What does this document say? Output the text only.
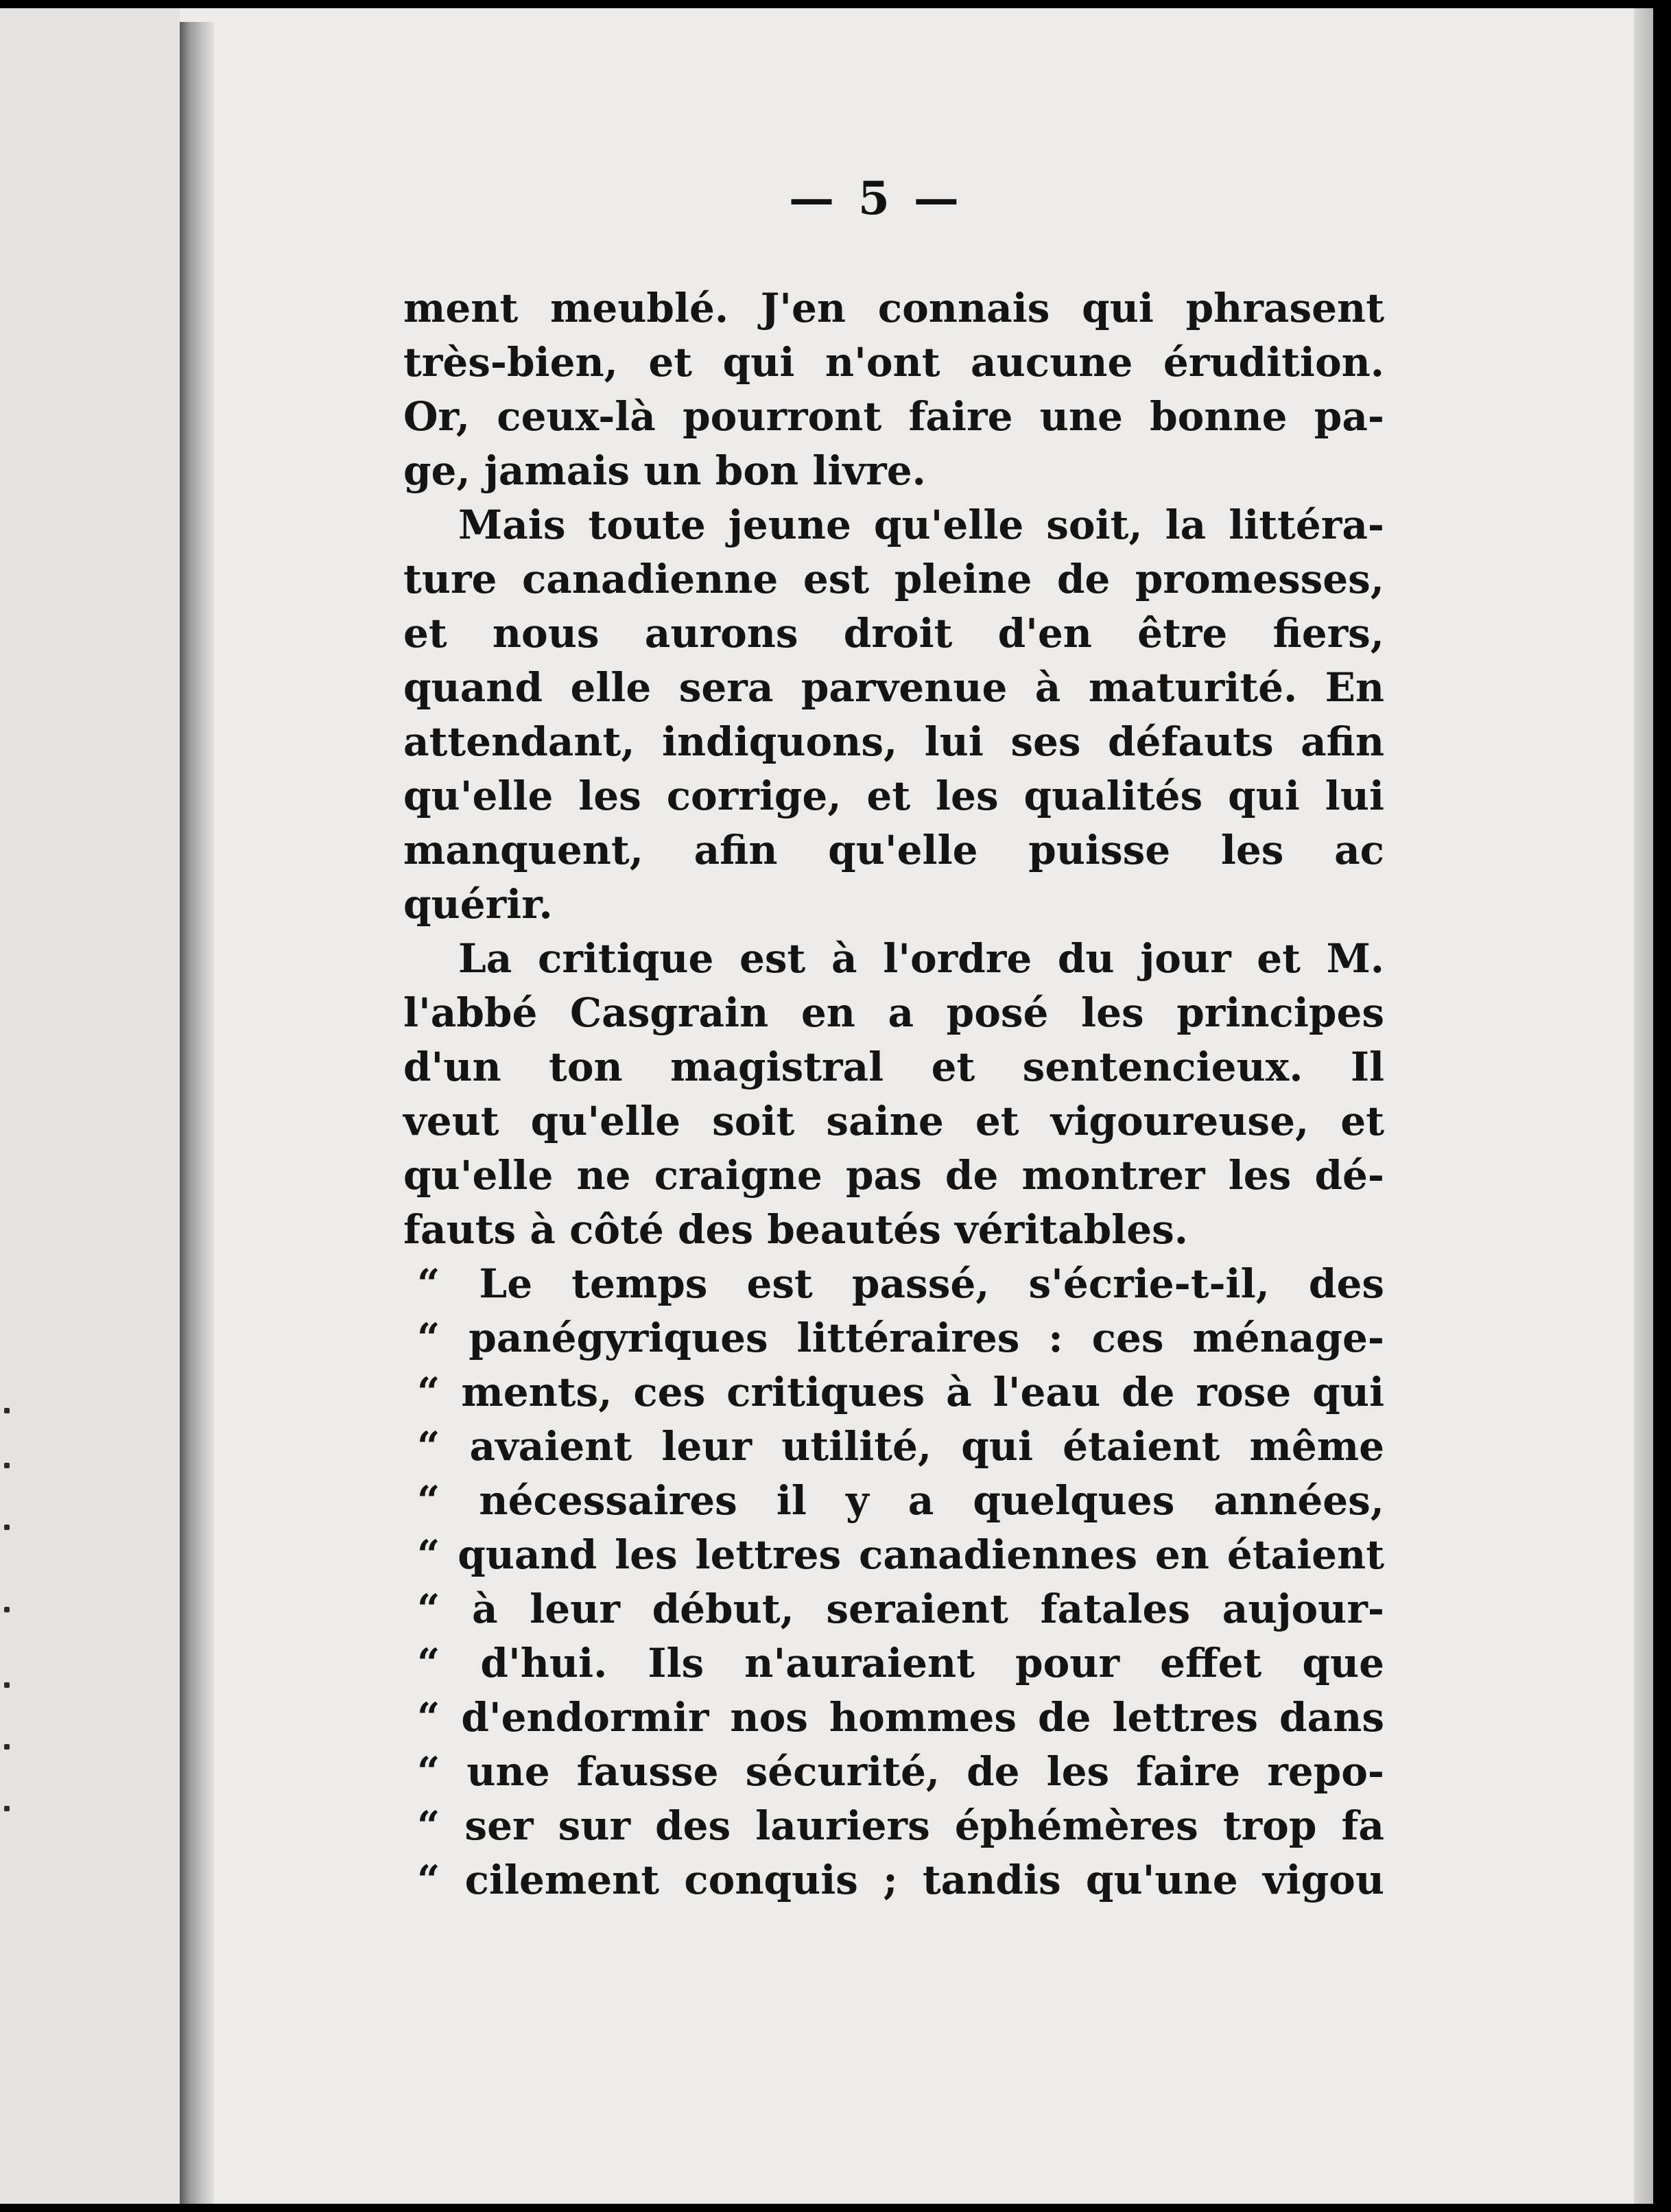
— 5 —
ment meublé. J'en connais qui phrasent
très-bien, et qui n'ont aucune érudition.
Or, ceux-là pourront faire une bonne pa-
ge, jamais un bon livre.
Mais toute jeune qu'elle soit, la littéra-
ture canadienne est pleine de promesses,
et nous aurons droit d'en être fiers,
quand elle sera parvenue à maturité. En
attendant, indiquons, lui ses défauts afin
qu'elle les corrige, et les qualités qui lui
manquent, afin qu'elle puisse les ac
quérir.
La critique est à l'ordre du jour et M.
l'abbé Casgrain en a posé les principes
d'un ton magistral et sentencieux. Il
veut qu'elle soit saine et vigoureuse, et
qu'elle ne craigne pas de montrer les dé-
fauts à côté des beautés véritables.
“ Le temps est passé, s'écrie-t-il, des
“ panégyriques littéraires : ces ménage-
“ ments, ces critiques à l'eau de rose qui
“ avaient leur utilité, qui étaient même
“ nécessaires il y a quelques années,
“ quand les lettres canadiennes en étaient
“ à leur début, seraient fatales aujour-
“ d'hui. Ils n'auraient pour effet que
“ d'endormir nos hommes de lettres dans
“ une fausse sécurité, de les faire repo-
“ ser sur des lauriers éphémères trop fa
“ cilement conquis ; tandis qu'une vigou
